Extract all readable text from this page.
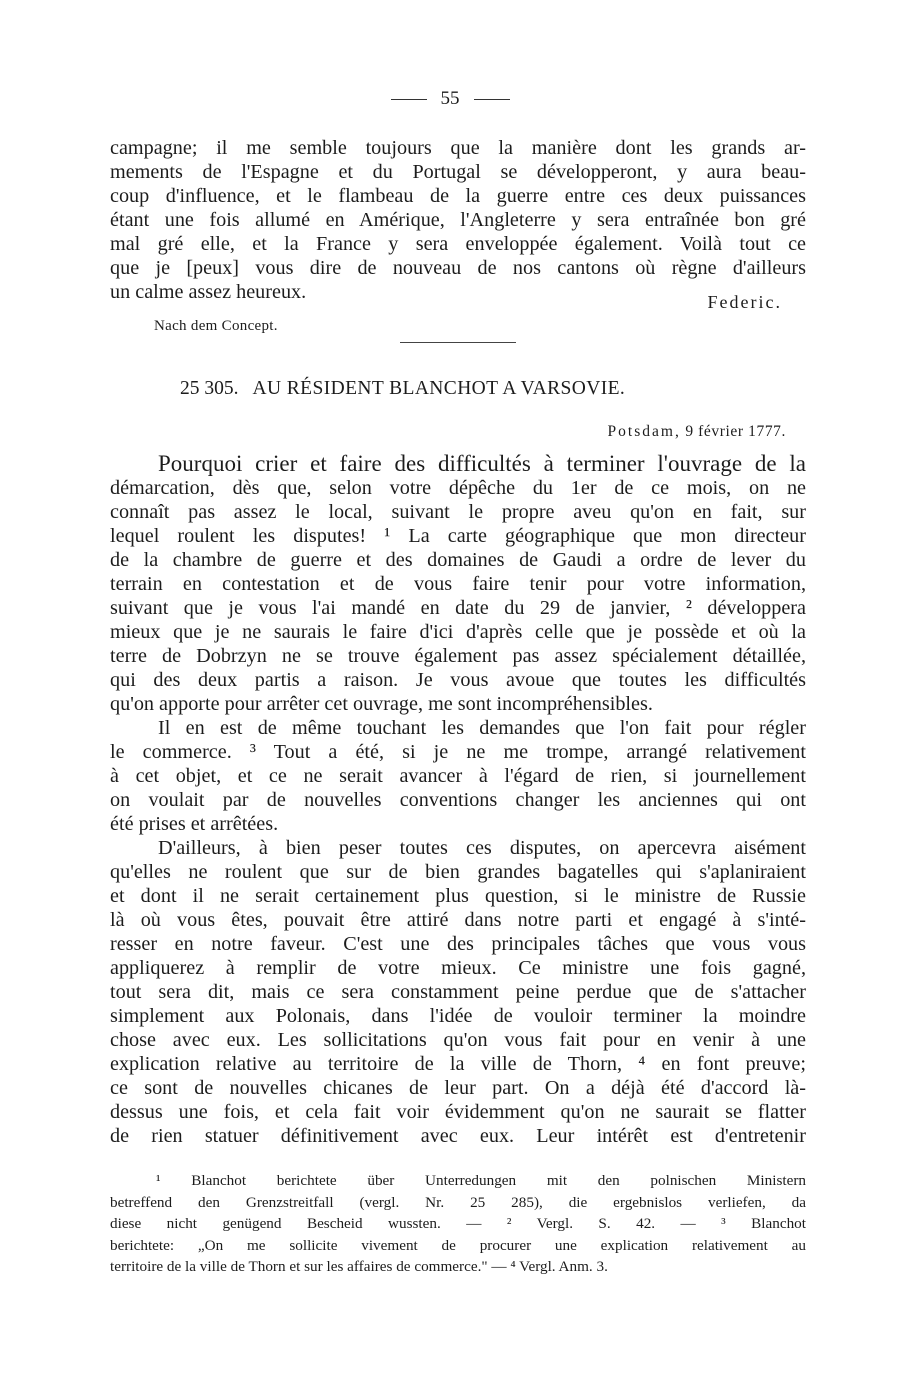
55
campagne; il me semble toujours que la manière dont les grands ar-
mements de l'Espagne et du Portugal se développeront, y aura beau-
coup d'influence, et le flambeau de la guerre entre ces deux puissances
étant une fois allumé en Amérique, l'Angleterre y sera entraînée bon gré
mal gré elle, et la France y sera enveloppée également. Voilà tout ce
que je [peux] vous dire de nouveau de nos cantons où règne d'ailleurs
un calme assez heureux.	Federic.
Nach dem Concept.
25 305. AU RÉSIDENT BLANCHOT A VARSOVIE.
Potsdam, 9 février 1777.
Pourquoi crier et faire des difficultés à terminer l'ouvrage de la
démarcation, dès que, selon votre dépêche du 1er de ce mois, on ne
connaît pas assez le local, suivant le propre aveu qu'on en fait, sur
lequel roulent les disputes! ¹ La carte géographique que mon directeur
de la chambre de guerre et des domaines de Gaudi a ordre de lever du
terrain en contestation et de vous faire tenir pour votre information,
suivant que je vous l'ai mandé en date du 29 de janvier, ² développera
mieux que je ne saurais le faire d'ici d'après celle que je possède et où la
terre de Dobrzyn ne se trouve également pas assez spécialement détaillée,
qui des deux partis a raison. Je vous avoue que toutes les difficultés
qu'on apporte pour arrêter cet ouvrage, me sont incompréhensibles.
Il en est de même touchant les demandes que l'on fait pour régler
le commerce. ³ Tout a été, si je ne me trompe, arrangé relativement
à cet objet, et ce ne serait avancer à l'égard de rien, si journellement
on voulait par de nouvelles conventions changer les anciennes qui ont
été prises et arrêtées.
D'ailleurs, à bien peser toutes ces disputes, on apercevra aisément
qu'elles ne roulent que sur de bien grandes bagatelles qui s'aplaniraient
et dont il ne serait certainement plus question, si le ministre de Russie
là où vous êtes, pouvait être attiré dans notre parti et engagé à s'inté-
resser en notre faveur. C'est une des principales tâches que vous vous
appliquerez à remplir de votre mieux. Ce ministre une fois gagné,
tout sera dit, mais ce sera constamment peine perdue que de s'attacher
simplement aux Polonais, dans l'idée de vouloir terminer la moindre
chose avec eux. Les sollicitations qu'on vous fait pour en venir à une
explication relative au territoire de la ville de Thorn, ⁴ en font preuve;
ce sont de nouvelles chicanes de leur part. On a déjà été d'accord là-
dessus une fois, et cela fait voir évidemment qu'on ne saurait se flatter
de rien statuer définitivement avec eux. Leur intérêt est d'entretenir
¹ Blanchot berichtete über Unterredungen mit den polnischen Ministern
betreffend den Grenzstreitfall (vergl. Nr. 25 285), die ergebnislos verliefen, da
diese nicht genügend Bescheid wussten. — ² Vergl. S. 42. — ³ Blanchot
berichtete: „On me sollicite vivement de procurer une explication relativement au
territoire de la ville de Thorn et sur les affaires de commerce." — ⁴ Vergl. Anm. 3.
